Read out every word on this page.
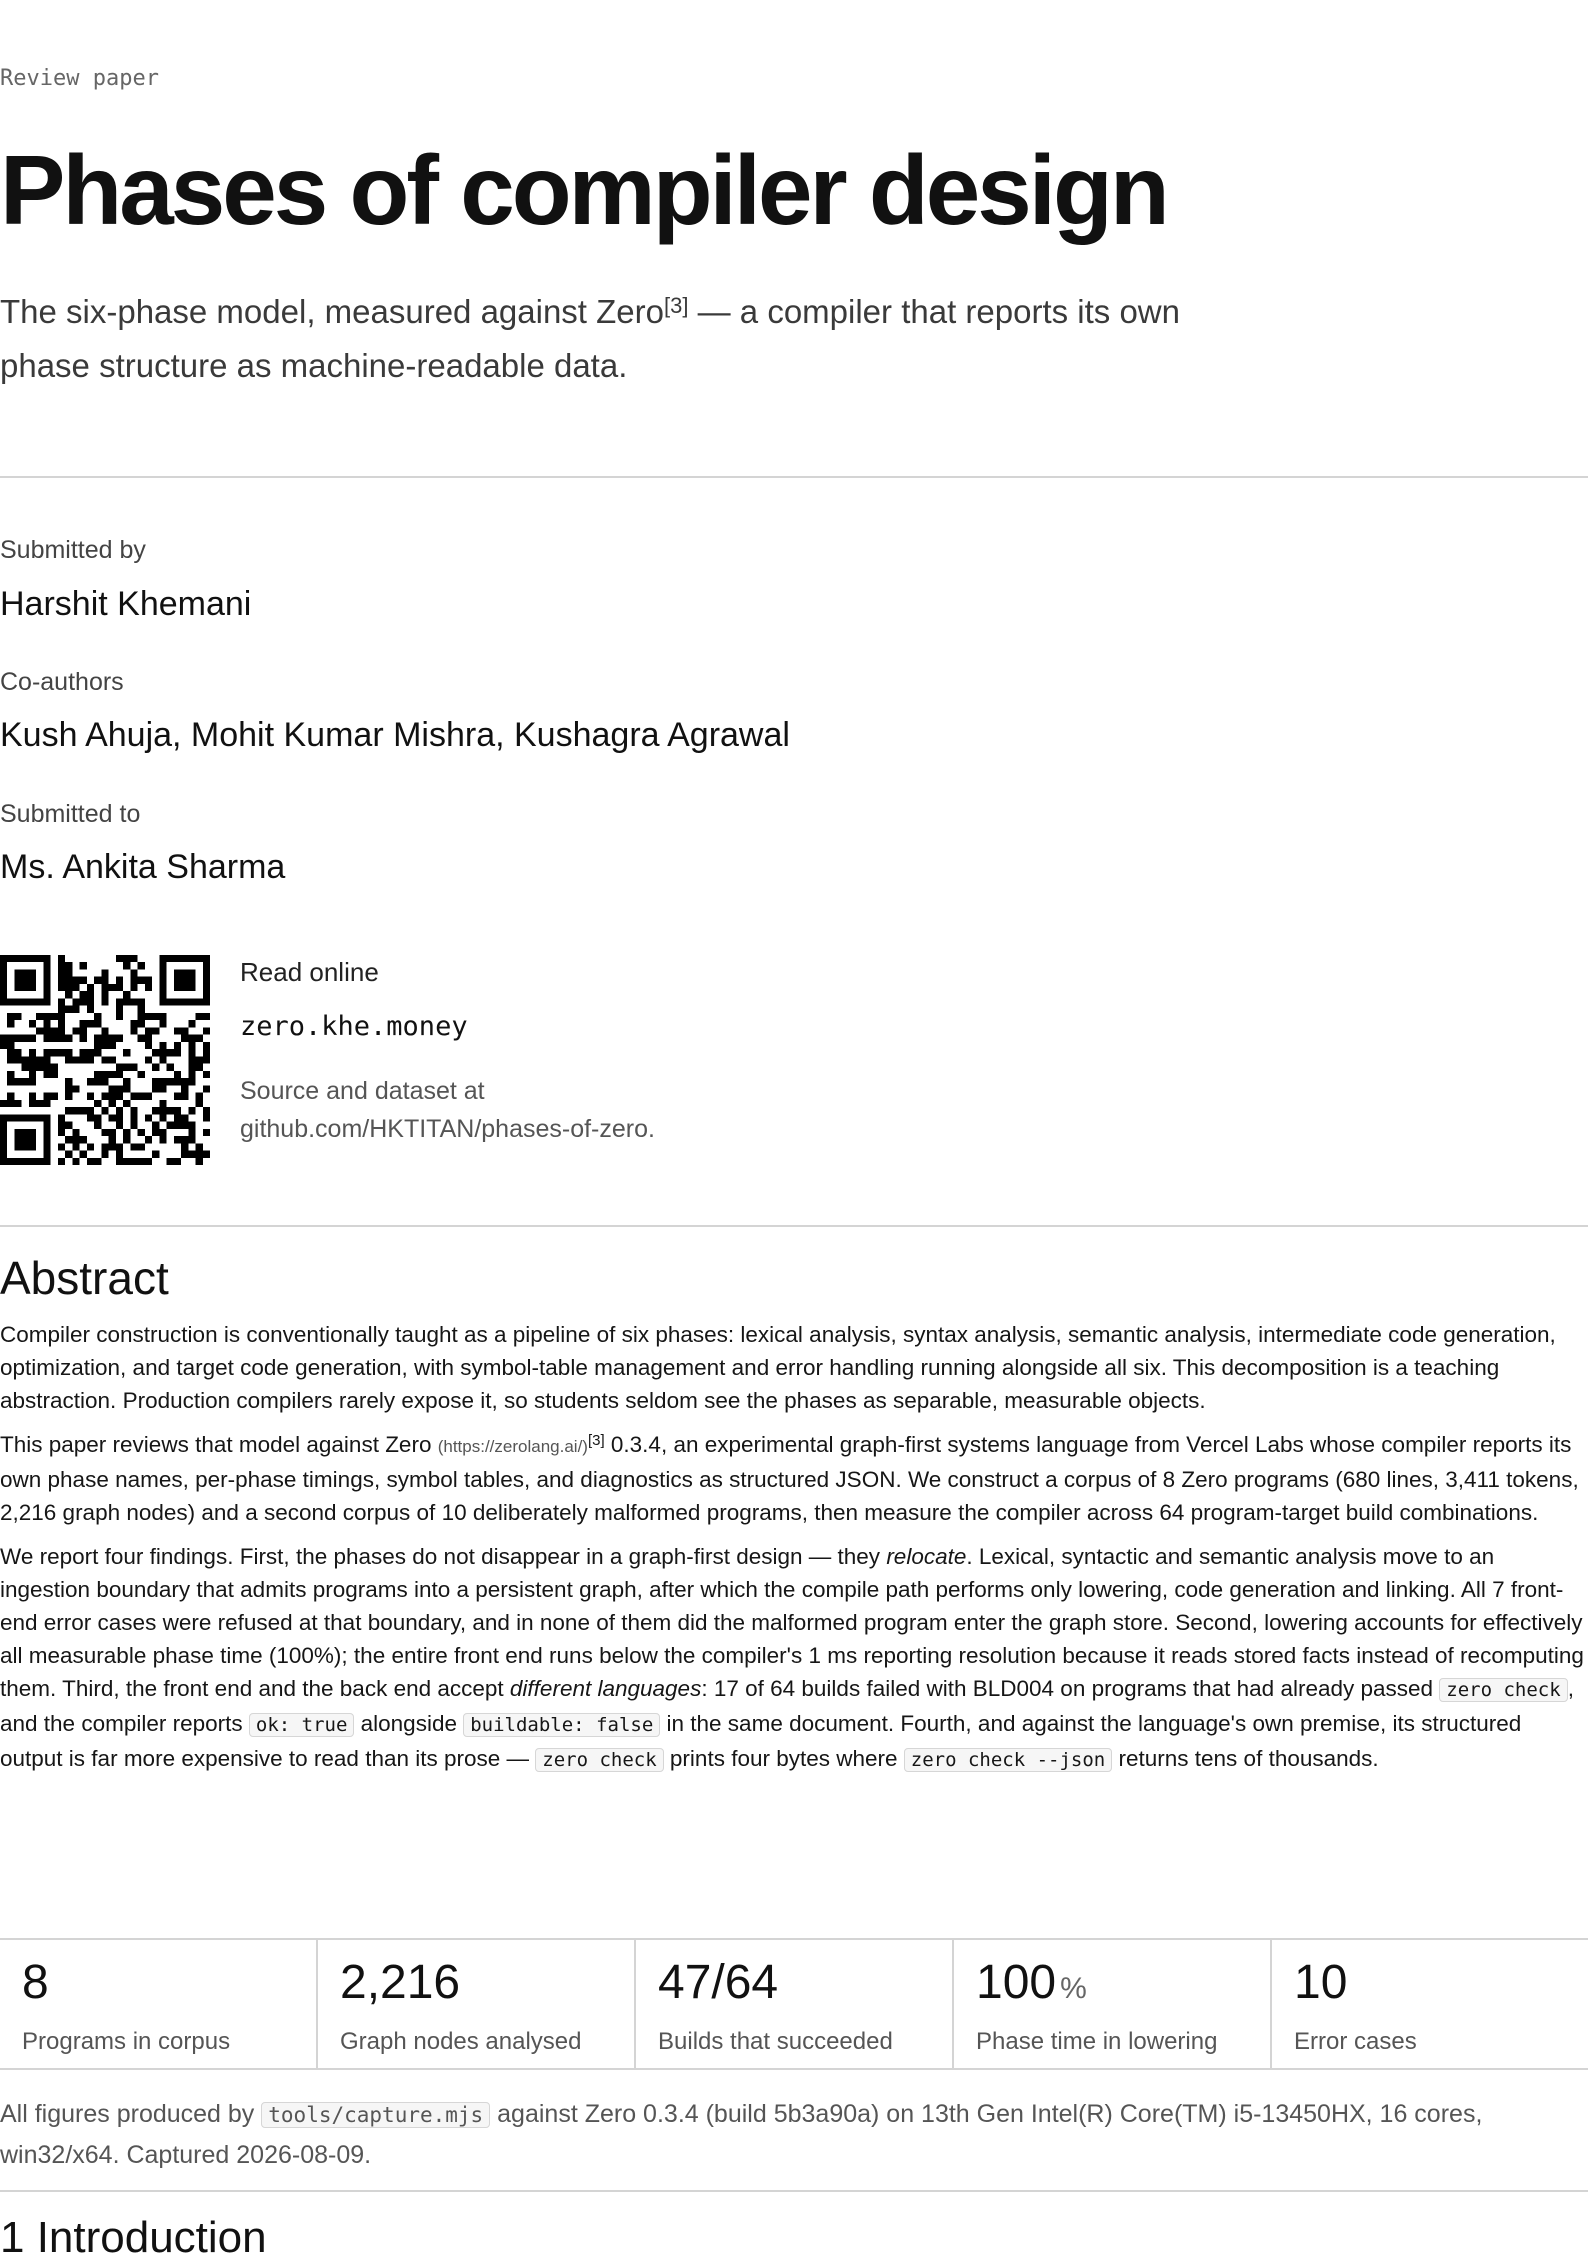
Review paper
Phases of compiler design

The six-phase model, measured against Zero[3] — a compiler that reports its own phase structure as machine-readable data.

Submitted by
Harshit Khemani
Co-authors
Kush Ahuja, Mohit Kumar Mishra, Kushagra Agrawal
Submitted to
Ms. Ankita Sharma
Read online
zero.khe.money

Source and dataset at github.com/HKTITAN/phases-of-zero.

Abstract

Compiler construction is conventionally taught as a pipeline of six phases: lexical analysis, syntax analysis, semantic analysis, intermediate code generation, optimization, and target code generation, with symbol-table management and error handling running alongside all six. This decomposition is a teaching abstraction. Production compilers rarely expose it, so students seldom see the phases as separable, measurable objects.

This paper reviews that model against Zero (https://zerolang.ai/)[3] 0.3.4, an experimental graph-first systems language from Vercel Labs whose compiler reports its own phase names, per-phase timings, symbol tables, and diagnostics as structured JSON. We construct a corpus of 8 Zero programs (680 lines, 3,411 tokens, 2,216 graph nodes) and a second corpus of 10 deliberately malformed programs, then measure the compiler across 64 program-target build combinations.

We report four findings. First, the phases do not disappear in a graph-first design — they relocate. Lexical, syntactic and semantic analysis move to an ingestion boundary that admits programs into a persistent graph, after which the compile path performs only lowering, code generation and linking. All 7 front-end error cases were refused at that boundary, and in none of them did the malformed program enter the graph store. Second, lowering accounts for effectively all measurable phase time (100%); the entire front end runs below the compiler's 1 ms reporting resolution because it reads stored facts instead of recomputing them. Third, the front end and the back end accept different languages: 17 of 64 builds failed with BLD004 on programs that had already passed zero check , and the compiler reports ok: true alongside buildable: false in the same document. Fourth, and against the language's own premise, its structured output is far more expensive to read than its prose — zero check prints four bytes where zero check --json returns tens of thousands.

8
Programs in corpus
2,216
Graph nodes analysed
47/64
Builds that succeeded
100 %
Phase time in lowering
10
Error cases

All figures produced by tools/capture.mjs against Zero 0.3.4 (build 5b3a90a) on 13th Gen Intel(R) Core(TM) i5-13450HX, 16 cores, win32/x64. Captured 2026-08-09.

1 Introduction
